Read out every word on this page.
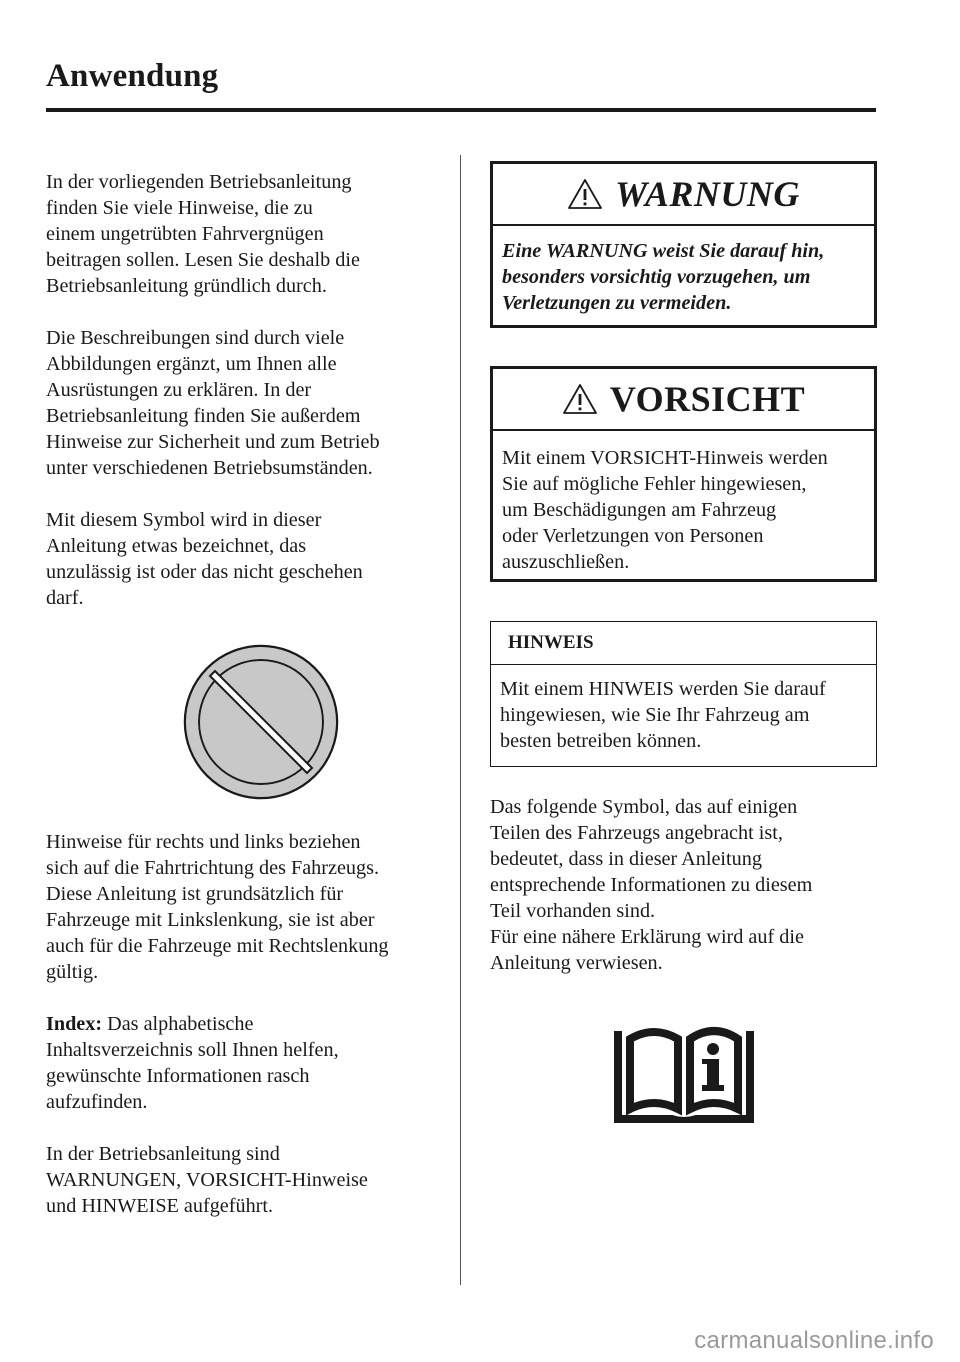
Anwendung

In der vorliegenden Betriebsanleitung
finden Sie viele Hinweise, die zu
einem ungetrübten Fahrvergnügen
beitragen sollen. Lesen Sie deshalb die
Betriebsanleitung gründlich durch.

Die Beschreibungen sind durch viele
Abbildungen ergänzt, um Ihnen alle
Ausrüstungen zu erklären. In der
Betriebsanleitung finden Sie außerdem
Hinweise zur Sicherheit und zum Betrieb
unter verschiedenen Betriebsumständen.

Mit diesem Symbol wird in dieser
Anleitung etwas bezeichnet, das
unzulässig ist oder das nicht geschehen
darf.

Hinweise für rechts und links beziehen
sich auf die Fahrtrichtung des Fahrzeugs.
Diese Anleitung ist grundsätzlich für
Fahrzeuge mit Linkslenkung, sie ist aber
auch für die Fahrzeuge mit Rechtslenkung
gültig.

Index: Das alphabetische
Inhaltsverzeichnis soll Ihnen helfen,
gewünschte Informationen rasch
aufzufinden.

In der Betriebsanleitung sind
WARNUNGEN, VORSICHT-Hinweise
und HINWEISE aufgeführt.

WARNUNG
Eine WARNUNG weist Sie darauf hin,
besonders vorsichtig vorzugehen, um
Verletzungen zu vermeiden.
VORSICHT
Mit einem VORSICHT-Hinweis werden
Sie auf mögliche Fehler hingewiesen,
um Beschädigungen am Fahrzeug
oder Verletzungen von Personen
auszuschließen.
HINWEIS
Mit einem HINWEIS werden Sie darauf
hingewiesen, wie Sie Ihr Fahrzeug am
besten betreiben können.
Das folgende Symbol, das auf einigen
Teilen des Fahrzeugs angebracht ist,
bedeutet, dass in dieser Anleitung
entsprechende Informationen zu diesem
Teil vorhanden sind.
Für eine nähere Erklärung wird auf die
Anleitung verwiesen.
carmanualsonline.info
